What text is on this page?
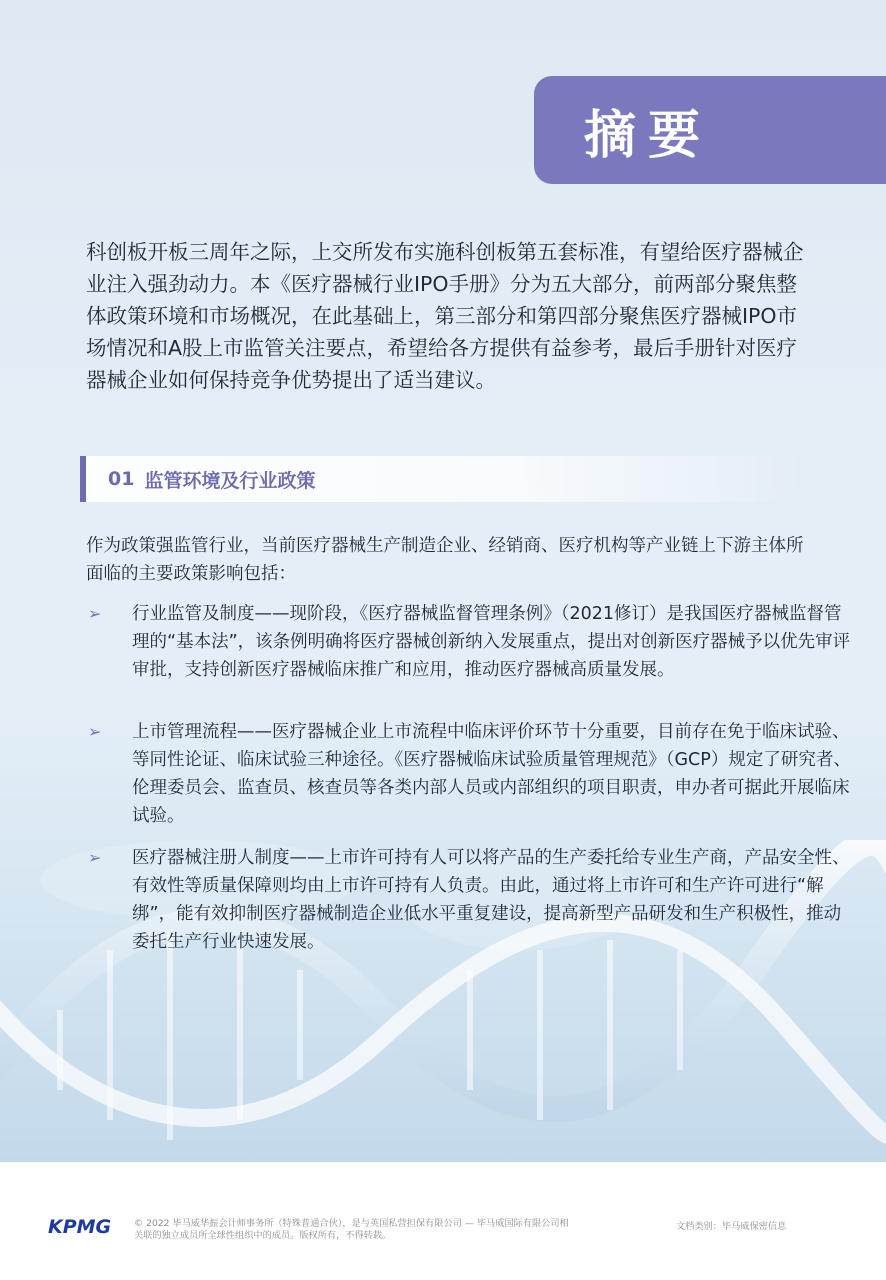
摘要

科创板开板三周年之际，上交所发布实施科创板第五套标准，有望给医疗器械企业注入强劲动力。本《医疗器械行业IPO手册》分为五大部分，前两部分聚焦整体政策环境和市场概况，在此基础上，第三部分和第四部分聚焦医疗器械IPO市场情况和A股上市监管关注要点，希望给各方提供有益参考，最后手册针对医疗器械企业如何保持竞争优势提出了适当建议。

01 监管环境及行业政策

作为政策强监管行业，当前医疗器械生产制造企业、经销商、医疗机构等产业链上下游主体所面临的主要政策影响包括：

➢ 行业监管及制度——现阶段，《医疗器械监督管理条例》（2021修订）是我国医疗器械监督管理的“基本法”，该条例明确将医疗器械创新纳入发展重点，提出对创新医疗器械予以优先审评审批，支持创新医疗器械临床推广和应用，推动医疗器械高质量发展。
➢ 上市管理流程——医疗器械企业上市流程中临床评价环节十分重要，目前存在免于临床试验、等同性论证、临床试验三种途径。《医疗器械临床试验质量管理规范》（GCP）规定了研究者、伦理委员会、监查员、核查员等各类内部人员或内部组织的项目职责，申办者可据此开展临床试验。
➢ 医疗器械注册人制度——上市许可持有人可以将产品的生产委托给专业生产商，产品安全性、有效性等质量保障则均由上市许可持有人负责。由此，通过将上市许可和生产许可进行“解绑”，能有效抑制医疗器械制造企业低水平重复建设，提高新型产品研发和生产积极性，推动委托生产行业快速发展。
KPMG © 2022 毕马威华振会计师事务所（特殊普通合伙），是与英国私营担保有限公司 — 毕马威国际有限公司相关联的独立成员所全球性组织中的成员。版权所有，不得转载。
文档类别：毕马威保密信息
